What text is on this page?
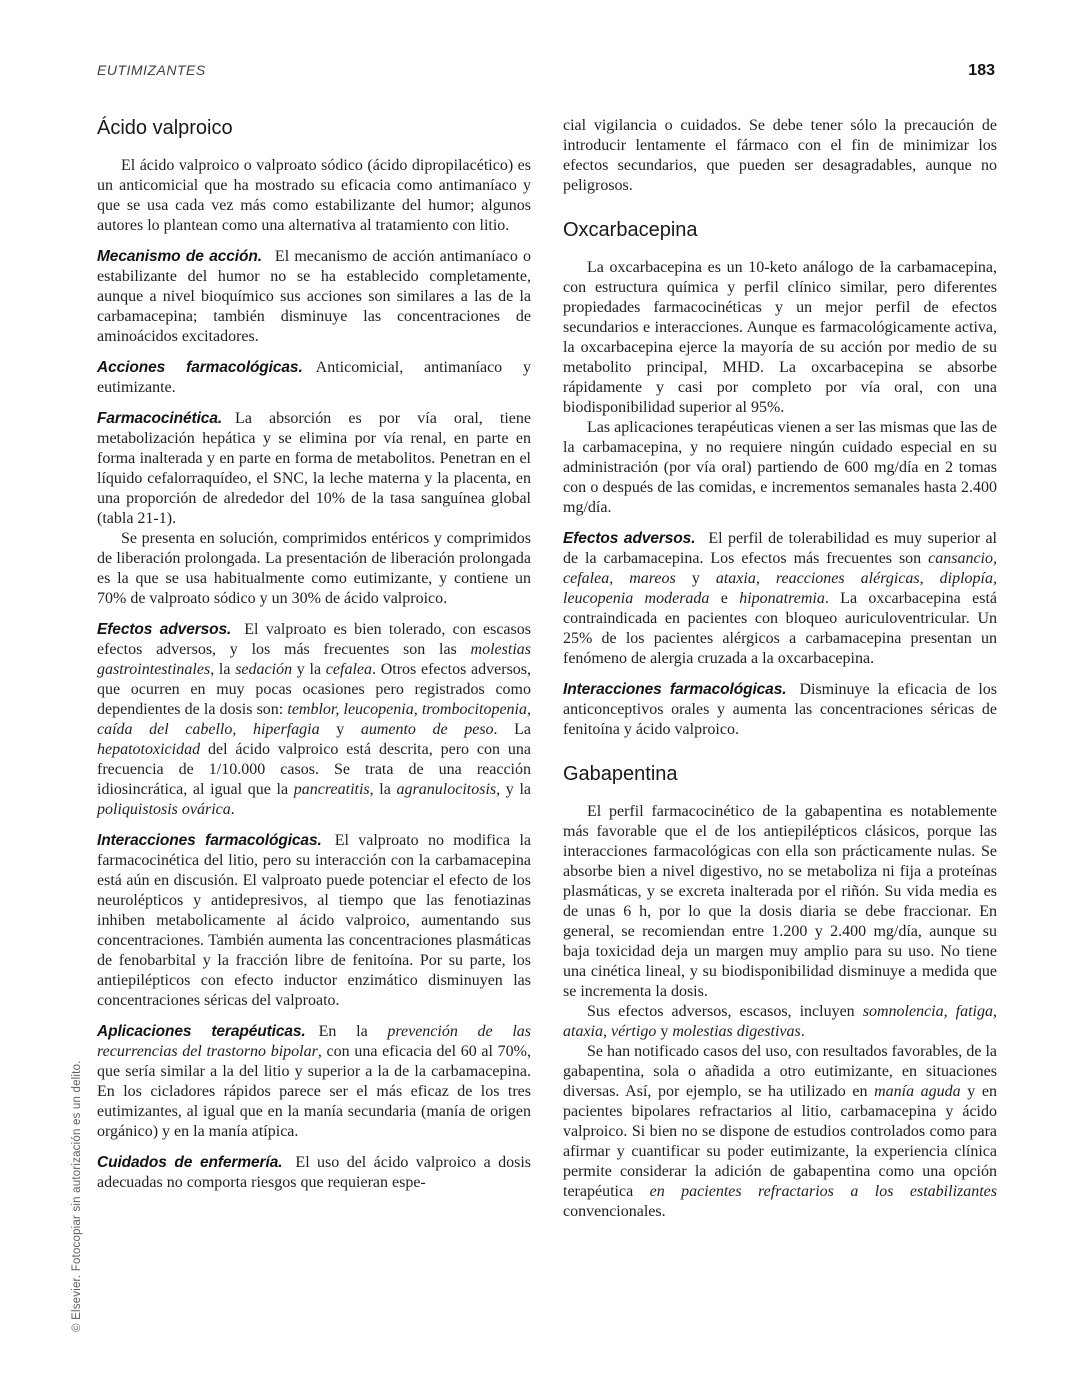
EUTIMIZANTES	183
Ácido valproico

El ácido valproico o valproato sódico (ácido dipropilacético) es un anticomicial que ha mostrado su eficacia como antimaníaco y que se usa cada vez más como estabilizante del humor; algunos autores lo plantean como una alternativa al tratamiento con litio.

Mecanismo de acción. El mecanismo de acción antimaníaco o estabilizante del humor no se ha establecido completamente, aunque a nivel bioquímico sus acciones son similares a las de la carbamacepina; también disminuye las concentraciones de aminoácidos excitadores.

Acciones farmacológicas. Anticomicial, antimaníaco y eutimizante.

Farmacocinética. La absorción es por vía oral, tiene metabolización hepática y se elimina por vía renal, en parte en forma inalterada y en parte en forma de metabolitos. Penetran en el líquido cefalorraquídeo, el SNC, la leche materna y la placenta, en una proporción de alrededor del 10% de la tasa sanguínea global (tabla 21-1).

Se presenta en solución, comprimidos entéricos y comprimidos de liberación prolongada. La presentación de liberación prolongada es la que se usa habitualmente como eutimizante, y contiene un 70% de valproato sódico y un 30% de ácido valproico.

Efectos adversos. El valproato es bien tolerado, con escasos efectos adversos, y los más frecuentes son las molestias gastrointestinales, la sedación y la cefalea. Otros efectos adversos, que ocurren en muy pocas ocasiones pero registrados como dependientes de la dosis son: temblor, leucopenia, trombocitopenia, caída del cabello, hiperfagia y aumento de peso. La hepatotoxicidad del ácido valproico está descrita, pero con una frecuencia de 1/10.000 casos. Se trata de una reacción idiosincrática, al igual que la pancreatitis, la agranulocitosis, y la poliquistosis ovárica.

Interacciones farmacológicas. El valproato no modifica la farmacocinética del litio, pero su interacción con la carbamacepina está aún en discusión. El valproato puede potenciar el efecto de los neurolépticos y antidepresivos, al tiempo que las fenotiazinas inhiben metabolicamente al ácido valproico, aumentando sus concentraciones. También aumenta las concentraciones plasmáticas de fenobarbital y la fracción libre de fenitoína. Por su parte, los antiepilépticos con efecto inductor enzimático disminuyen las concentraciones séricas del valproato.

Aplicaciones terapéuticas. En la prevención de las recurrencias del trastorno bipolar, con una eficacia del 60 al 70%, que sería similar a la del litio y superior a la de la carbamacepina. En los cicladores rápidos parece ser el más eficaz de los tres eutimizantes, al igual que en la manía secundaria (manía de origen orgánico) y en la manía atípica.

Cuidados de enfermería. El uso del ácido valproico a dosis adecuadas no comporta riesgos que requieran espe-

cial vigilancia o cuidados. Se debe tener sólo la precaución de introducir lentamente el fármaco con el fin de minimizar los efectos secundarios, que pueden ser desagradables, aunque no peligrosos.

Oxcarbacepina

La oxcarbacepina es un 10-keto análogo de la carbamacepina, con estructura química y perfil clínico similar, pero diferentes propiedades farmacocinéticas y un mejor perfil de efectos secundarios e interacciones. Aunque es farmacológicamente activa, la oxcarbacepina ejerce la mayoría de su acción por medio de su metabolito principal, MHD. La oxcarbacepina se absorbe rápidamente y casi por completo por vía oral, con una biodisponibilidad superior al 95%.

Las aplicaciones terapéuticas vienen a ser las mismas que las de la carbamacepina, y no requiere ningún cuidado especial en su administración (por vía oral) partiendo de 600 mg/día en 2 tomas con o después de las comidas, e incrementos semanales hasta 2.400 mg/día.

Efectos adversos. El perfil de tolerabilidad es muy superior al de la carbamacepina. Los efectos más frecuentes son cansancio, cefalea, mareos y ataxia, reacciones alérgicas, diplopía, leucopenia moderada e hiponatremia. La oxcarbacepina está contraindicada en pacientes con bloqueo auriculoventricular. Un 25% de los pacientes alérgicos a carbamacepina presentan un fenómeno de alergia cruzada a la oxcarbacepina.

Interacciones farmacológicas. Disminuye la eficacia de los anticonceptivos orales y aumenta las concentraciones séricas de fenitoína y ácido valproico.

Gabapentina

El perfil farmacocinético de la gabapentina es notablemente más favorable que el de los antiepilépticos clásicos, porque las interacciones farmacológicas con ella son prácticamente nulas. Se absorbe bien a nivel digestivo, no se metaboliza ni fija a proteínas plasmáticas, y se excreta inalterada por el riñón. Su vida media es de unas 6 h, por lo que la dosis diaria se debe fraccionar. En general, se recomiendan entre 1.200 y 2.400 mg/día, aunque su baja toxicidad deja un margen muy amplio para su uso. No tiene una cinética lineal, y su biodisponibilidad disminuye a medida que se incrementa la dosis.

Sus efectos adversos, escasos, incluyen somnolencia, fatiga, ataxia, vértigo y molestias digestivas.

Se han notificado casos del uso, con resultados favorables, de la gabapentina, sola o añadida a otro eutimizante, en situaciones diversas. Así, por ejemplo, se ha utilizado en manía aguda y en pacientes bipolares refractarios al litio, carbamacepina y ácido valproico. Si bien no se dispone de estudios controlados como para afirmar y cuantificar su poder eutimizante, la experiencia clínica permite considerar la adición de gabapentina como una opción terapéutica en pacientes refractarios a los estabilizantes convencionales.

© Elsevier. Fotocopiar sin autorización es un delito.
